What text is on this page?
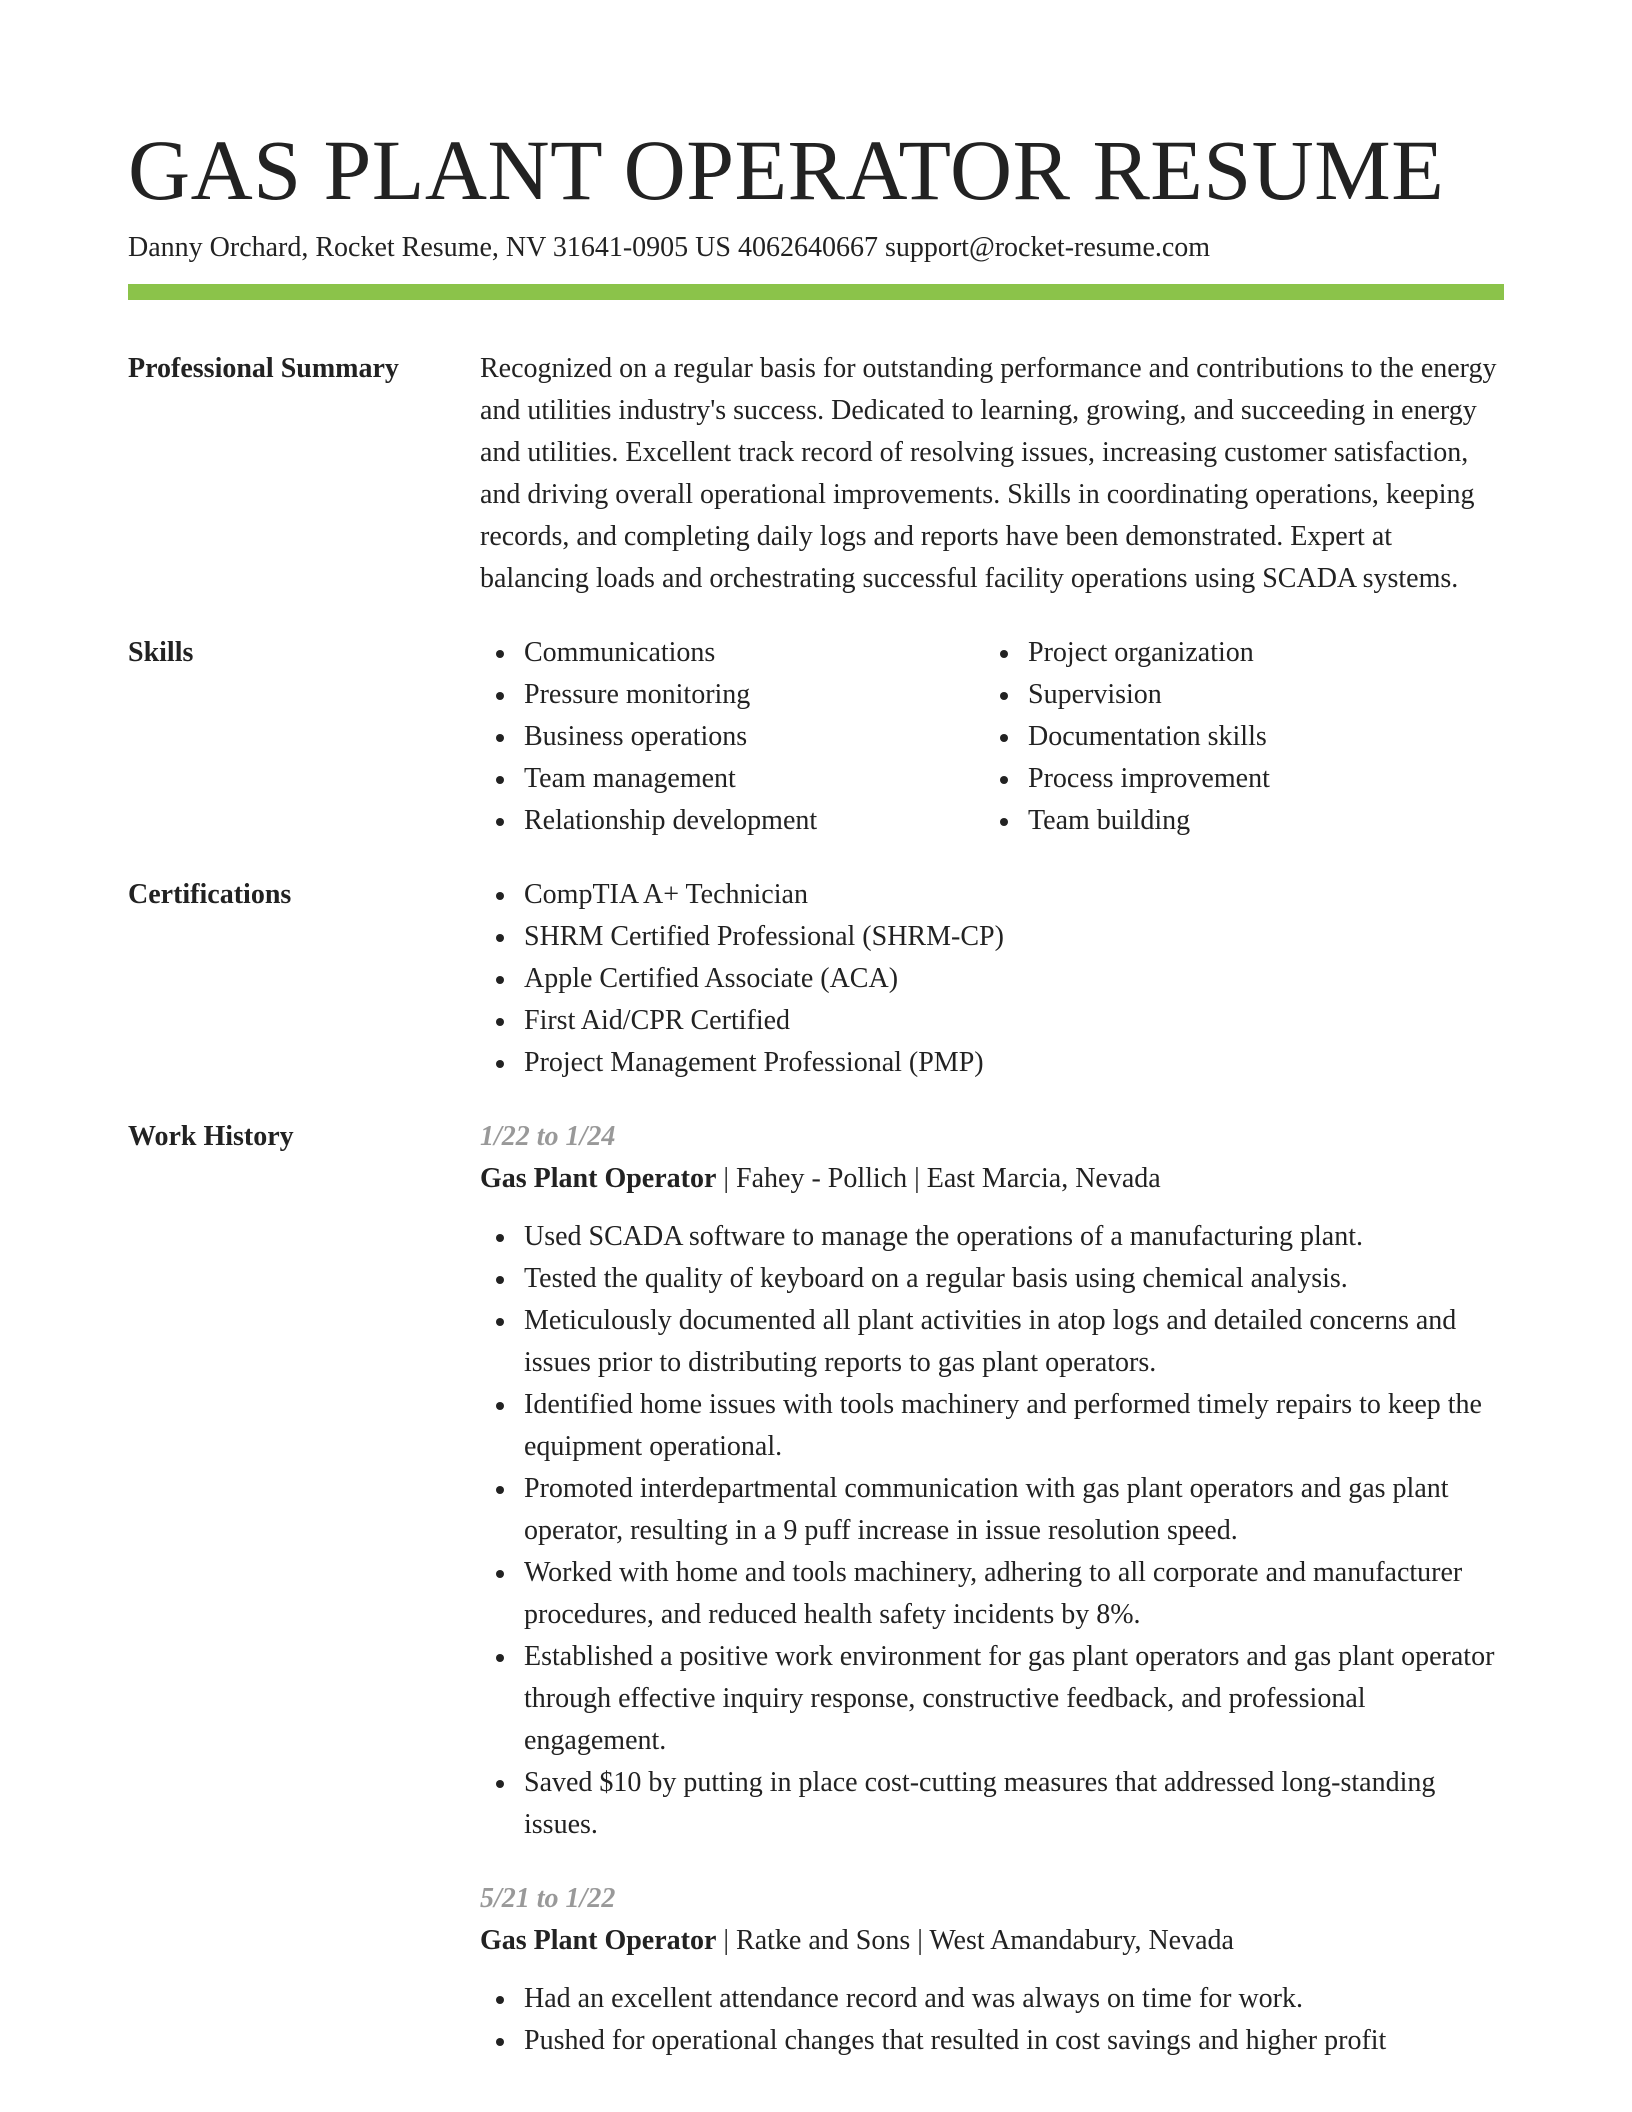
GAS PLANT OPERATOR RESUME
Danny Orchard, Rocket Resume, NV 31641-0905 US 4062640667 support@rocket-resume.com
Professional Summary	Recognized on a regular basis for outstanding performance and contributions to the energy and utilities industry's success. Dedicated to learning, growing, and succeeding in energy and utilities. Excellent track record of resolving issues, increasing customer satisfaction, and driving overall operational improvements. Skills in coordinating operations, keeping records, and completing daily logs and reports have been demonstrated. Expert at balancing loads and orchestrating successful facility operations using SCADA systems.
Skills	Communications
Pressure monitoring
Business operations
Team management
Relationship development
Project organization
Supervision
Documentation skills
Process improvement
Team building
Certifications	CompTIA A+ Technician
SHRM Certified Professional (SHRM-CP)
Apple Certified Associate (ACA)
First Aid/CPR Certified
Project Management Professional (PMP)
Work History	1/22 to 1/24
Gas Plant Operator | Fahey - Pollich | East Marcia, Nevada
Used SCADA software to manage the operations of a manufacturing plant.
Tested the quality of keyboard on a regular basis using chemical analysis.
Meticulously documented all plant activities in atop logs and detailed concerns and issues prior to distributing reports to gas plant operators.
Identified home issues with tools machinery and performed timely repairs to keep the equipment operational.
Promoted interdepartmental communication with gas plant operators and gas plant operator, resulting in a 9 puff increase in issue resolution speed.
Worked with home and tools machinery, adhering to all corporate and manufacturer procedures, and reduced health safety incidents by 8%.
Established a positive work environment for gas plant operators and gas plant operator through effective inquiry response, constructive feedback, and professional engagement.
Saved $10 by putting in place cost-cutting measures that addressed long-standing issues.
5/21 to 1/22
Gas Plant Operator | Ratke and Sons | West Amandabury, Nevada
Had an excellent attendance record and was always on time for work.
Pushed for operational changes that resulted in cost savings and higher profit
